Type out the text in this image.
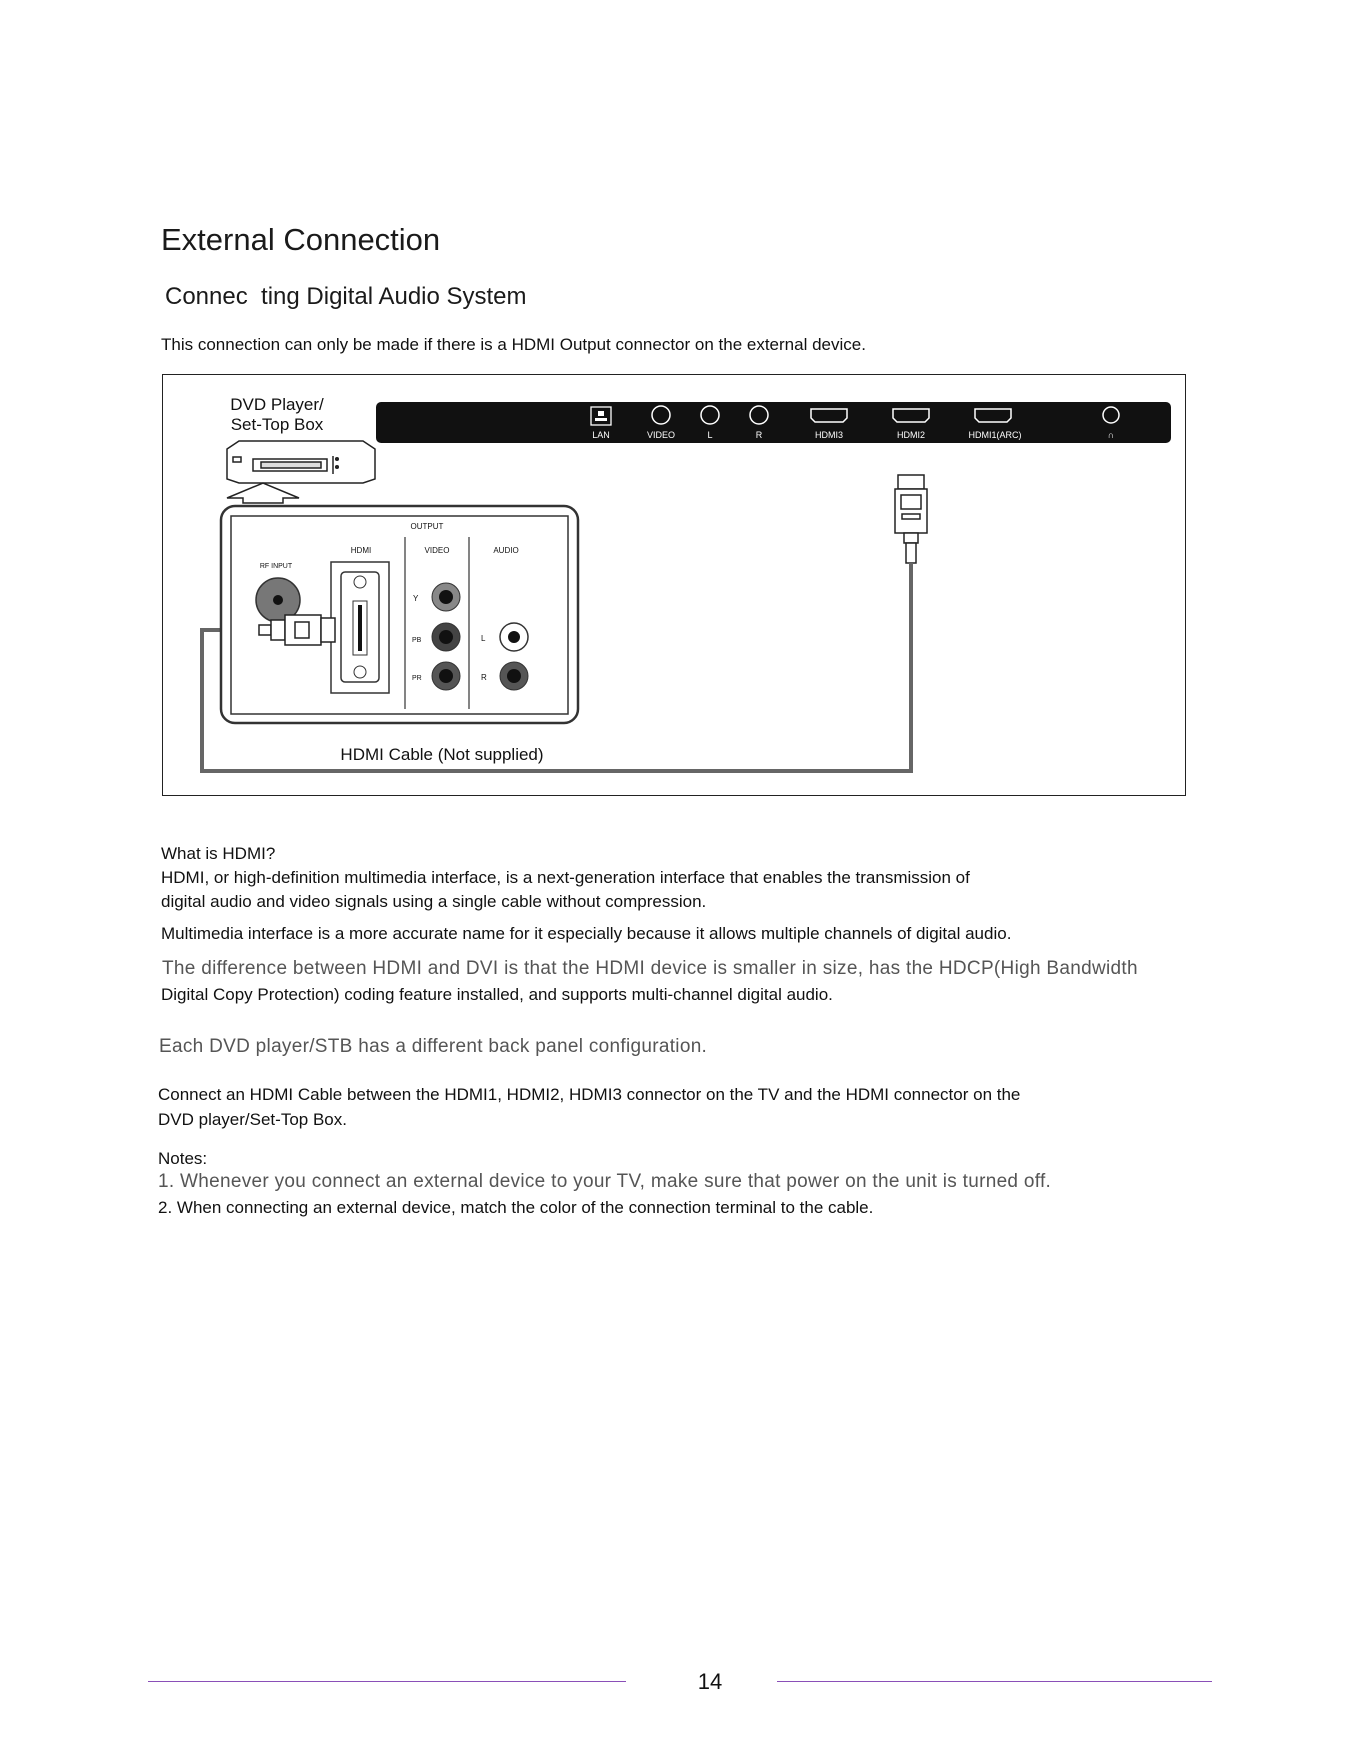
External Connection
Connec  ting Digital Audio System
This connection can only be made if there is a HDMI Output connector on the external device.
DVD Player/
Set-Top Box
LAN	VIDEO	L	R	HDMI3	HDMI2	HDMI1(ARC)	∩
OUTPUT
HDMI	VIDEO	AUDIO
RF INPUT
Y
PB
PR
L
R
HDMI Cable (Not supplied)
What is HDMI?
HDMI, or high-definition multimedia interface, is a next-generation interface that enables the transmission of
digital audio and video signals using a single cable without compression.
Multimedia interface is a more accurate name for it especially because it allows multiple channels of digital audio.
The difference between HDMI and DVI is that the HDMI device is smaller in size, has the HDCP(High Bandwidth
Digital Copy Protection) coding feature installed, and supports multi-channel digital audio.
Each DVD player/STB has a different back panel configuration.
Connect an HDMI Cable between the HDMI1, HDMI2, HDMI3 connector on the TV and the HDMI connector on the
DVD player/Set-Top Box.
Notes:
1. Whenever you connect an external device to your TV, make sure that power on the unit is turned off.
2. When connecting an external device, match the color of the connection terminal to the cable.
14
